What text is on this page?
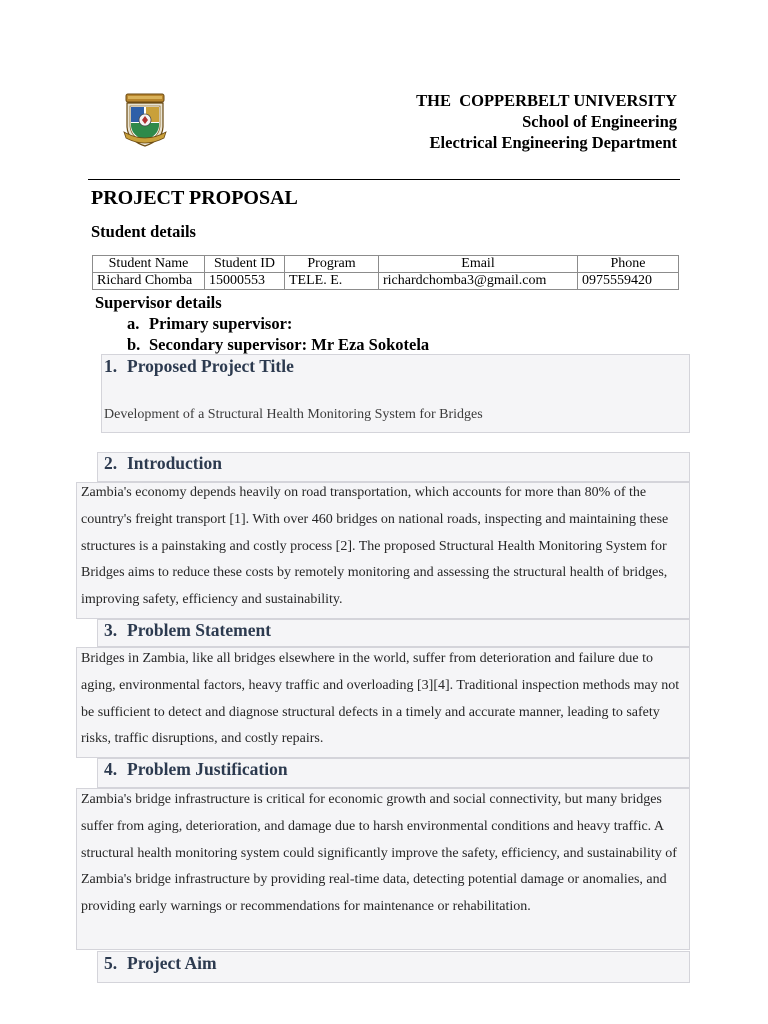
THE  COPPERBELT UNIVERSITY
School of Engineering
Electrical Engineering Department
PROJECT PROPOSAL
Student details
Student Name	Student ID	Program	Email	Phone
Richard Chomba	15000553	TELE. E.	richardchomba3@gmail.com	0975559420
Supervisor details
a. Primary supervisor:
b. Secondary supervisor: Mr Eza Sokotela
1. Proposed Project Title
Development of a Structural Health Monitoring System for Bridges
2. Introduction

Zambia's economy depends heavily on road transportation, which accounts for more than 80% of the country's freight transport [1]. With over 460 bridges on national roads, inspecting and maintaining these structures is a painstaking and costly process [2]. The proposed Structural Health Monitoring System for Bridges aims to reduce these costs by remotely monitoring and assessing the structural health of bridges, improving safety, efficiency and sustainability.

3. Problem Statement

Bridges in Zambia, like all bridges elsewhere in the world, suffer from deterioration and failure due to aging, environmental factors, heavy traffic and overloading [3][4]. Traditional inspection methods may not be sufficient to detect and diagnose structural defects in a timely and accurate manner, leading to safety risks, traffic disruptions, and costly repairs.

4. Problem Justification

Zambia's bridge infrastructure is critical for economic growth and social connectivity, but many bridges suffer from aging, deterioration, and damage due to harsh environmental conditions and heavy traffic. A structural health monitoring system could significantly improve the safety, efficiency, and sustainability of Zambia's bridge infrastructure by providing real-time data, detecting potential damage or anomalies, and providing early warnings or recommendations for maintenance or rehabilitation.

5. Project Aim
